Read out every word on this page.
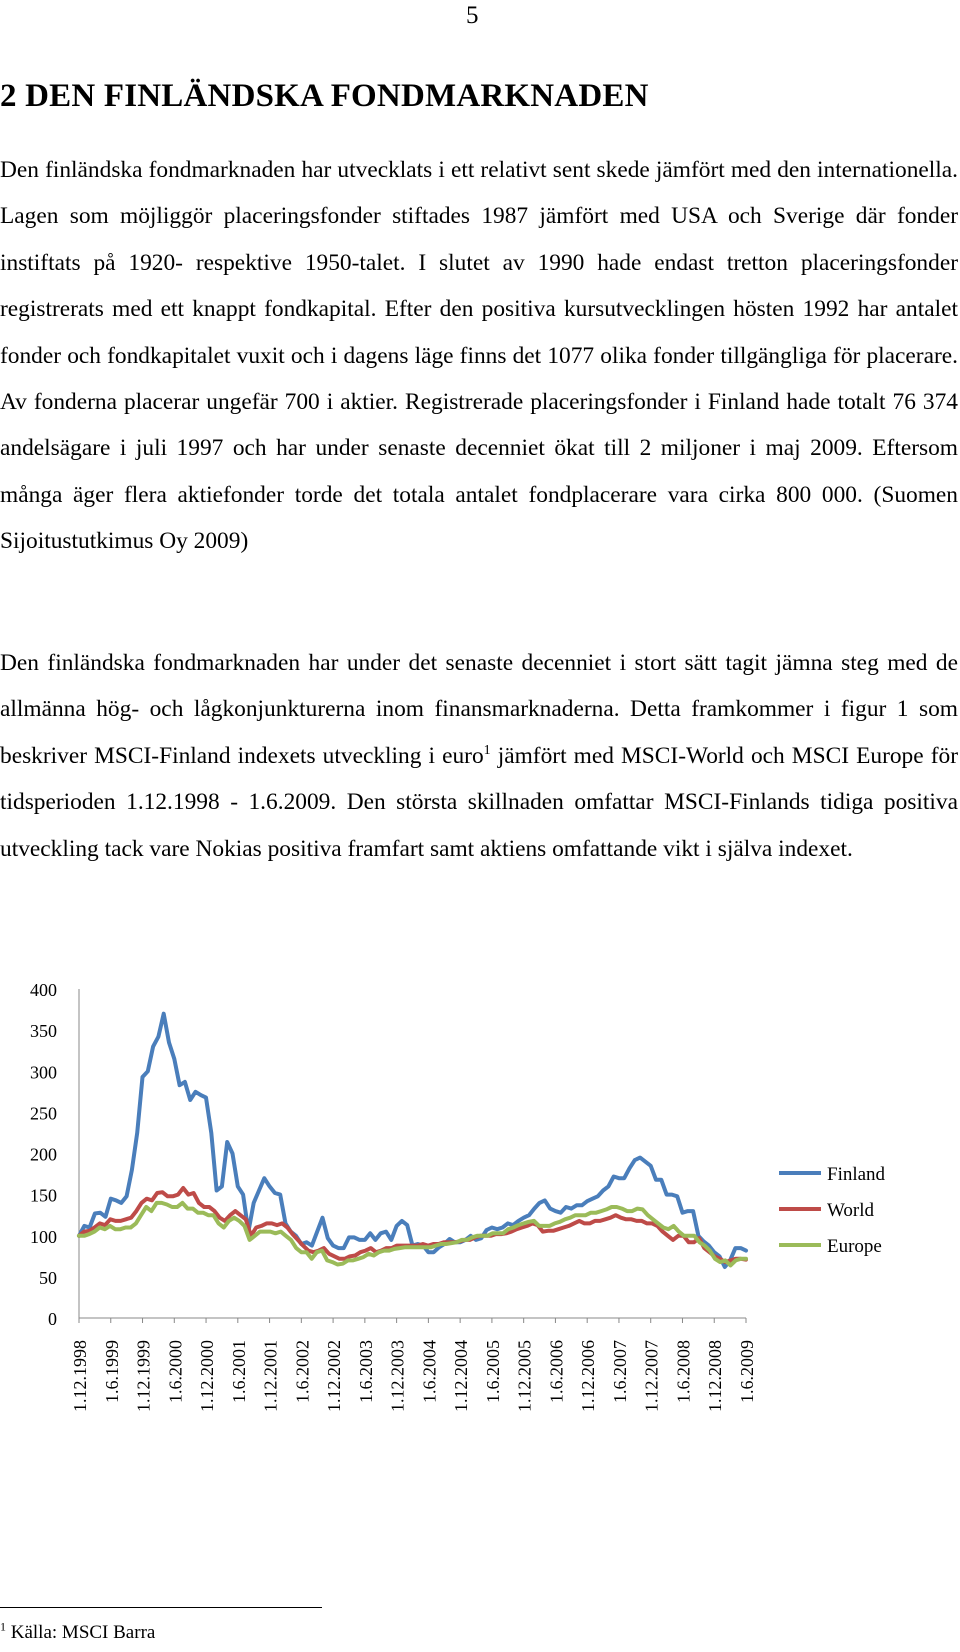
5
2 DEN FINLÄNDSKA FONDMARKNADEN

Den finländska fondmarknaden har utvecklats i ett relativt sent skede jämfört med den internationella. Lagen som möjliggör placeringsfonder stiftades 1987 jämfört med USA och Sverige där fonder instiftats på 1920- respektive 1950-talet. I slutet av 1990 hade endast tretton placeringsfonder registrerats med ett knappt fondkapital. Efter den positiva kursutvecklingen hösten 1992 har antalet fonder och fondkapitalet vuxit och i dagens läge finns det 1077 olika fonder tillgängliga för placerare. Av fonderna placerar ungefär 700 i aktier. Registrerade placeringsfonder i Finland hade totalt 76 374 andelsägare i juli 1997 och har under senaste decenniet ökat till 2 miljoner i maj 2009. Eftersom många äger flera aktiefonder torde det totala antalet fondplacerare vara cirka 800 000. (Suomen Sijoitustutkimus Oy 2009)

Den finländska fondmarknaden har under det senaste decenniet i stort sätt tagit jämna steg med de allmänna hög- och lågkonjunkturerna inom finansmarknaderna. Detta framkommer i figur 1 som beskriver MSCI-Finland indexets utveckling i euro$^1$ jämfört med MSCI-World och MSCI Europe för tidsperioden 1.12.1998 - 1.6.2009. Den största skillnaden omfattar MSCI-Finlands tidiga positiva utveckling tack vare Nokias positiva framfart samt aktiens omfattande vikt i själva indexet.

0
50
100
150
200
250
300
350
400
1.12.1998 1.6.1999 1.12.1999 1.6.2000 1.12.2000 1.6.2001 1.12.2001 1.6.2002 1.12.2002 1.6.2003 1.12.2003 1.6.2004 1.12.2004 1.6.2005 1.12.2005 1.6.2006 1.12.2006 1.6.2007 1.12.2007 1.6.2008 1.12.2008 1.6.2009
Finland
World
Europe
$^1$ Källa: MSCI Barra
